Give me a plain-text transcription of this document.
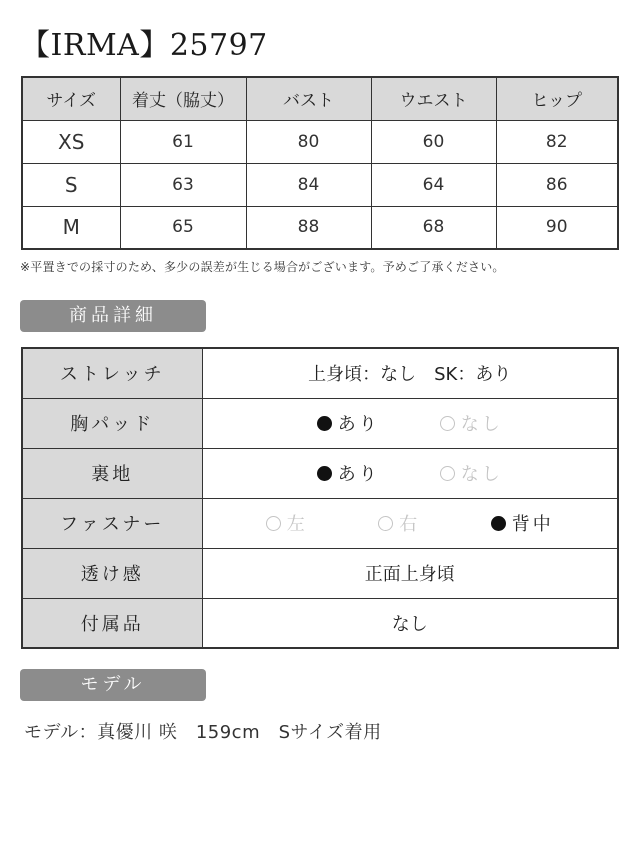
【IRMA】25797
サイズ	着丈（脇丈）	バスト	ウエスト	ヒップ
XS	61	80	60	82
S	63	84	64	86
M	65	88	68	90
※平置きでの採寸のため、多少の誤差が生じる場合がございます。予めご了承ください。
商品詳細
ストレッチ	上身頃：なし　SK：あり
胸パッド	あり なし

裏地	あり なし

ファスナー	左 右 背中

透け感	正面上身頃
付属品	なし
モデル
モデル：真優川 咲　159cm　Sサイズ着用
